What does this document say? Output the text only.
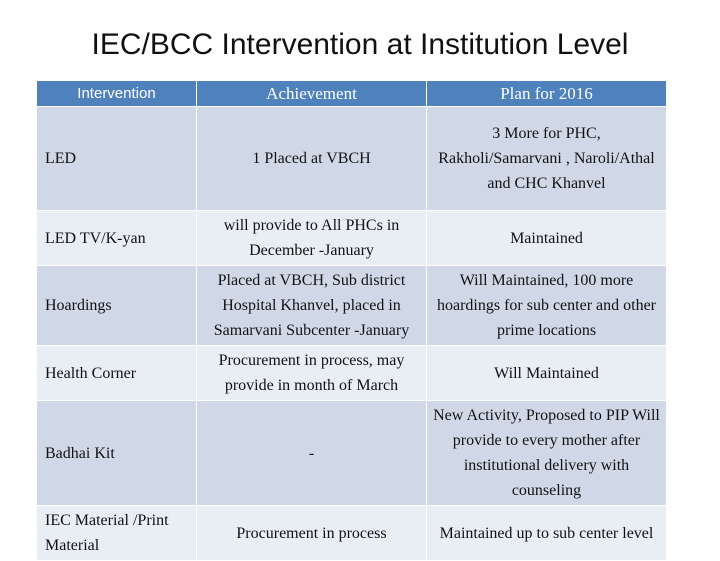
IEC/BCC Intervention at Institution Level
Intervention	Achievement	Plan for 2016
LED	1 Placed at VBCH	3 More for PHC, Rakholi/Samarvani , Naroli/Athal and CHC Khanvel
LED TV/K-yan	will provide to All PHCs in December -January	Maintained
Hoardings	Placed at VBCH, Sub district Hospital Khanvel, placed in Samarvani Subcenter -January	Will Maintained, 100 more hoardings for sub center and other prime locations
Health Corner	Procurement in process, may provide in month of March	Will Maintained
Badhai Kit	-	New Activity, Proposed to PIP Will provide to every mother after institutional delivery with counseling
IEC Material /Print Material	Procurement in process	Maintained up to sub center level
